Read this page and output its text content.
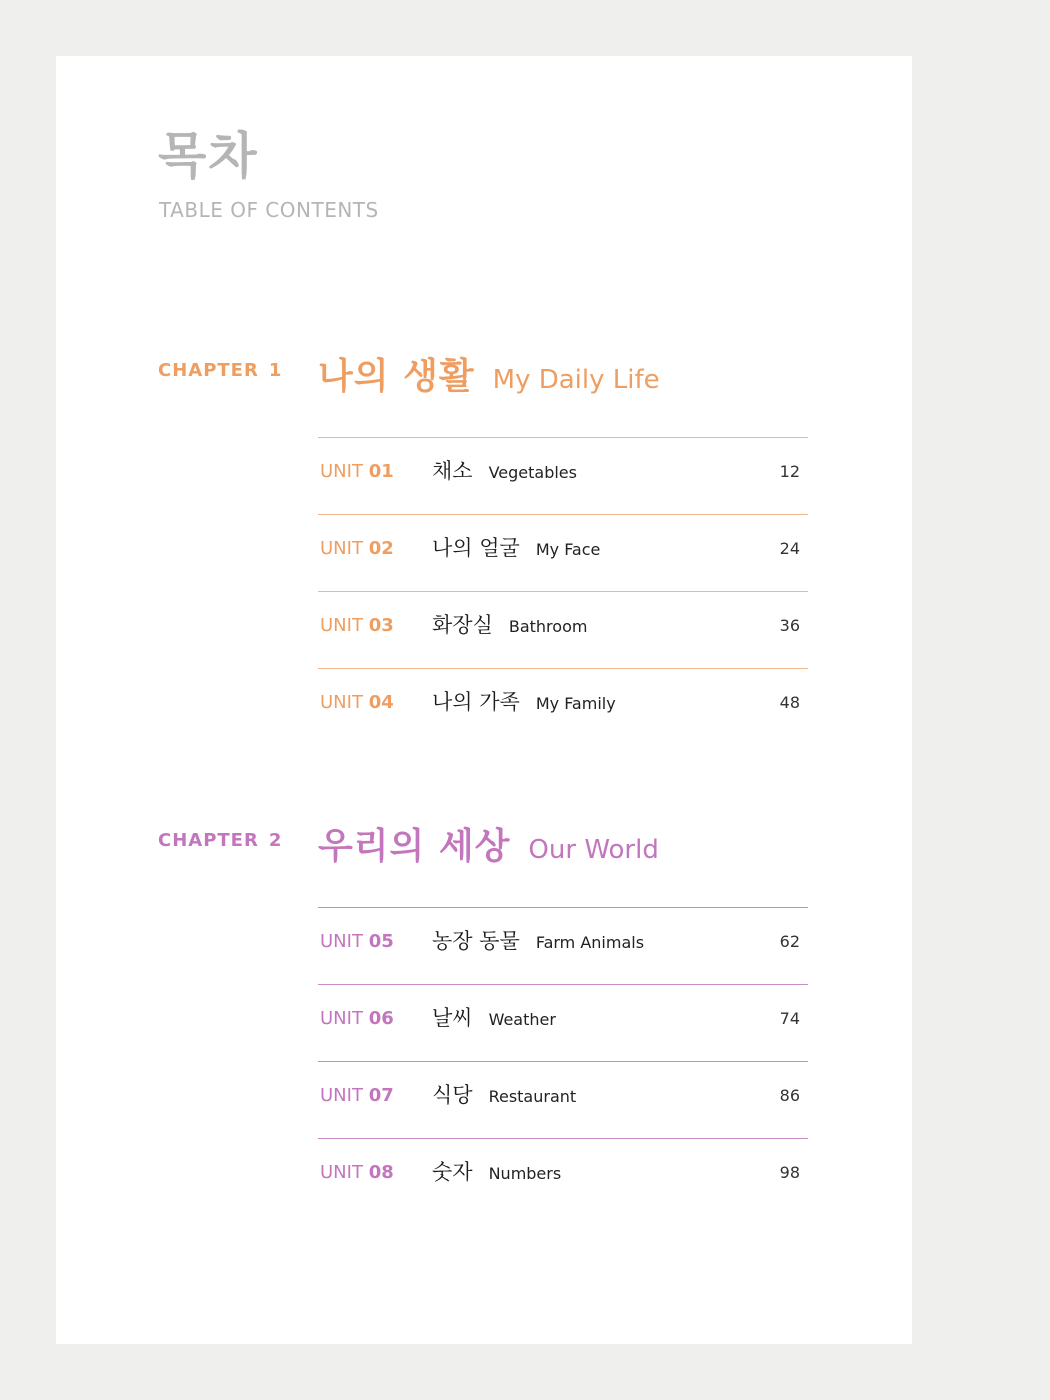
목차
TABLE OF CONTENTS
CHAPTER 1 나의 생활 My Daily Life
UNIT 01 채소 Vegetables	12
UNIT 02 나의 얼굴 My Face	24
UNIT 03 화장실 Bathroom	36
UNIT 04 나의 가족 My Family	48
CHAPTER 2 우리의 세상 Our World
UNIT 05 농장 동물 Farm Animals	62
UNIT 06 날씨 Weather	74
UNIT 07 식당 Restaurant	86
UNIT 08 숫자 Numbers	98
